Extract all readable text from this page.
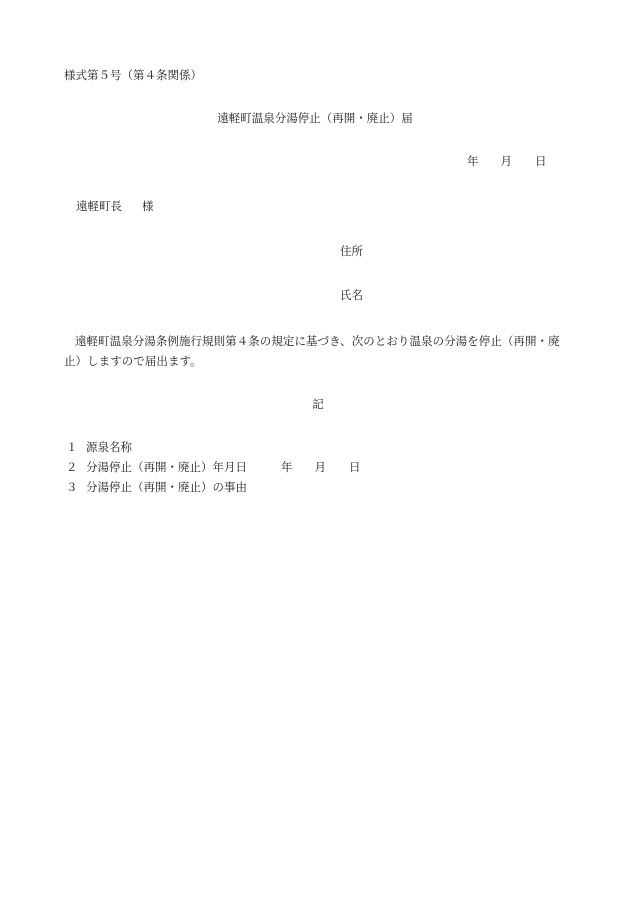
様式第５号（第４条関係）
遠軽町温泉分湯停止（再開・廃止）届
年 月 日
遠軽町長 様
住所
氏名
遠軽町温泉分湯条例施行規則第４条の規定に基づき、次のとおり温泉の分湯を停止（再開・廃止）しますので届出ます。
記
１ 源泉名称
２ 分湯停止（再開・廃止）年月日	年 月 日
３ 分湯停止（再開・廃止）の事由
